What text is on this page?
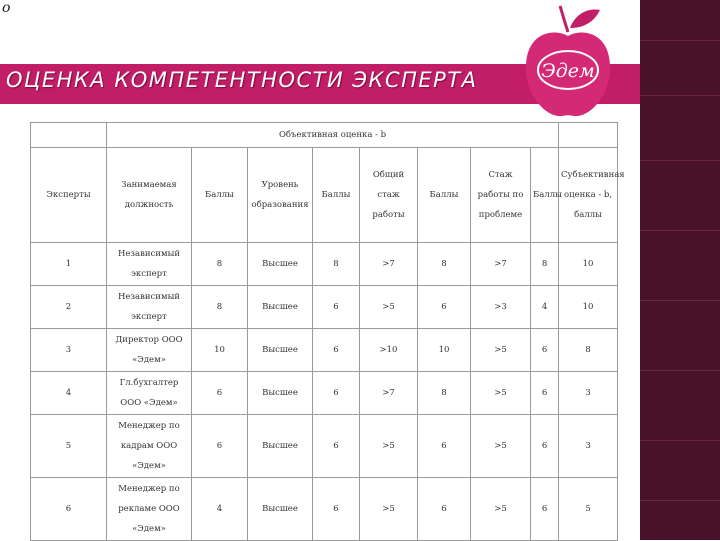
о
ОЦЕНКА КОМПЕТЕНТНОСТИ ЭКСПЕРТА	Эдем
	Объективная оценка - b								
Эксперты	Занимаемая должность	Баллы	Уровень образования	Баллы	Общий стаж работы	Баллы	Стаж работы по проблеме	Баллы	Субъективная оценка - b, баллы
1	Независимый эксперт	8	Высшее	8	>7	8	>7	8	10
2	Независимый эксперт	8	Высшее	6	>5	6	>3	4	10
3	Директор ООО «Эдем»	10	Высшее	6	>10	10	>5	6	8
4	Гл.бухгалтер ООО «Эдем»	6	Высшее	6	>7	8	>5	6	3
5	Менеджер по кадрам ООО «Эдем»	6	Высшее	6	>5	6	>5	6	3
6	Менеджер по рекламе ООО «Эдем»	4	Высшее	6	>5	6	>5	6	5
